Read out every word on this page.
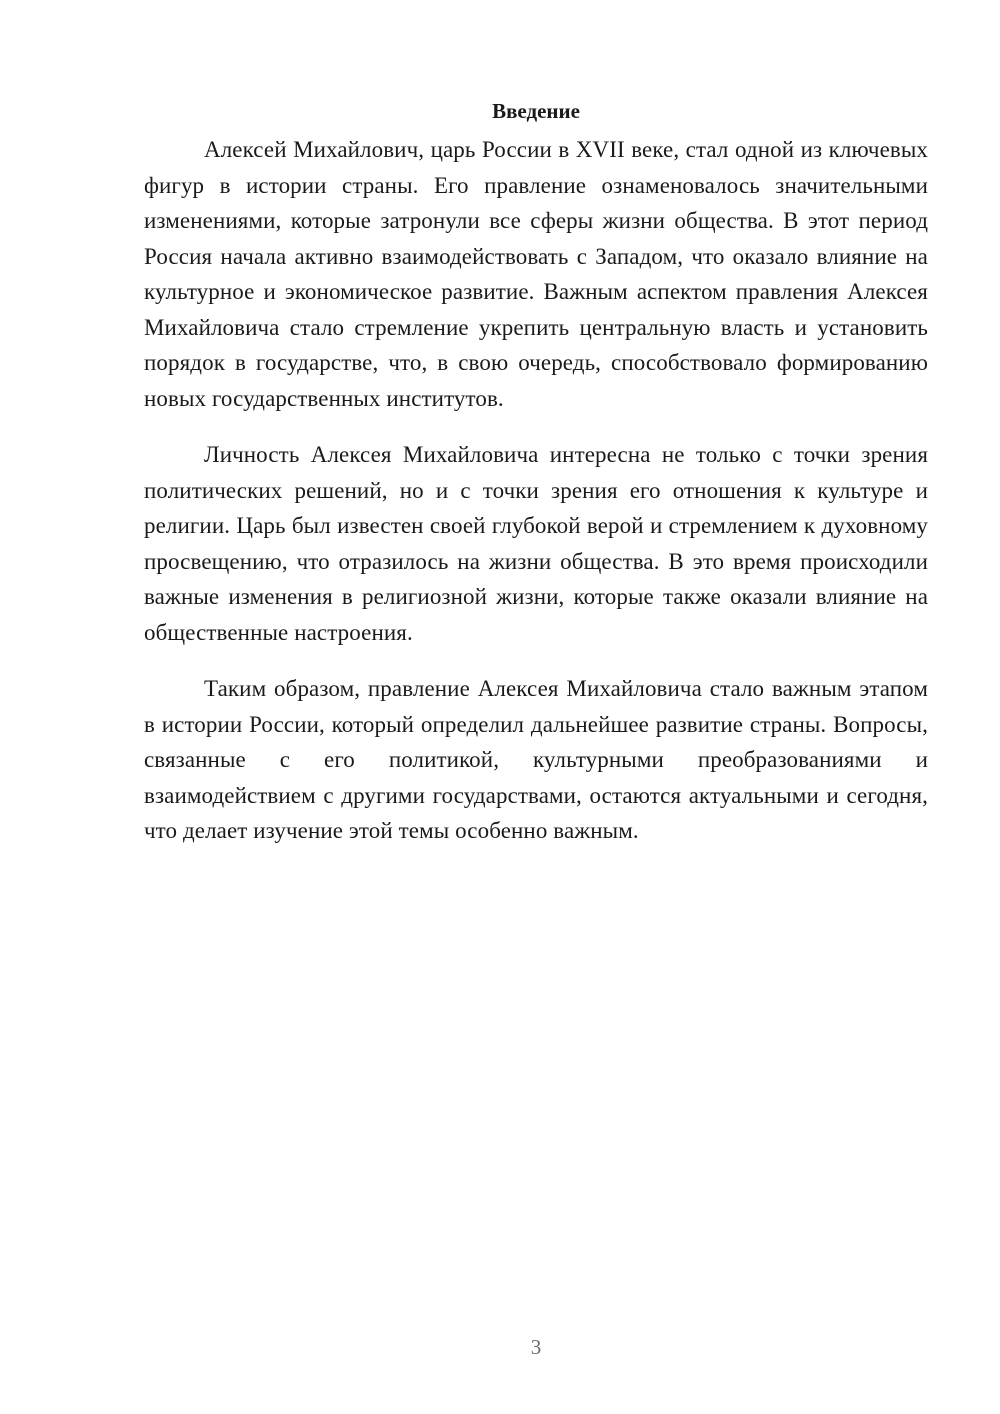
Введение

Алексей Михайлович, царь России в XVII веке, стал одной из ключевых фигур в истории страны. Его правление ознаменовалось значительными изменениями, которые затронули все сферы жизни общества. В этот период Россия начала активно взаимодействовать с Западом, что оказало влияние на культурное и экономическое развитие. Важным аспектом правления Алексея Михайловича стало стремление укрепить центральную власть и установить порядок в государстве, что, в свою очередь, способствовало формированию новых государственных институтов.

Личность Алексея Михайловича интересна не только с точки зрения политических решений, но и с точки зрения его отношения к культуре и религии. Царь был известен своей глубокой верой и стремлением к духовному просвещению, что отразилось на жизни общества. В это время происходили важные изменения в религиозной жизни, которые также оказали влияние на общественные настроения.

Таким образом, правление Алексея Михайловича стало важным этапом в истории России, который определил дальнейшее развитие страны. Вопросы, связанные с его политикой, культурными преобразованиями и взаимодействием с другими государствами, остаются актуальными и сегодня, что делает изучение этой темы особенно важным.

3
